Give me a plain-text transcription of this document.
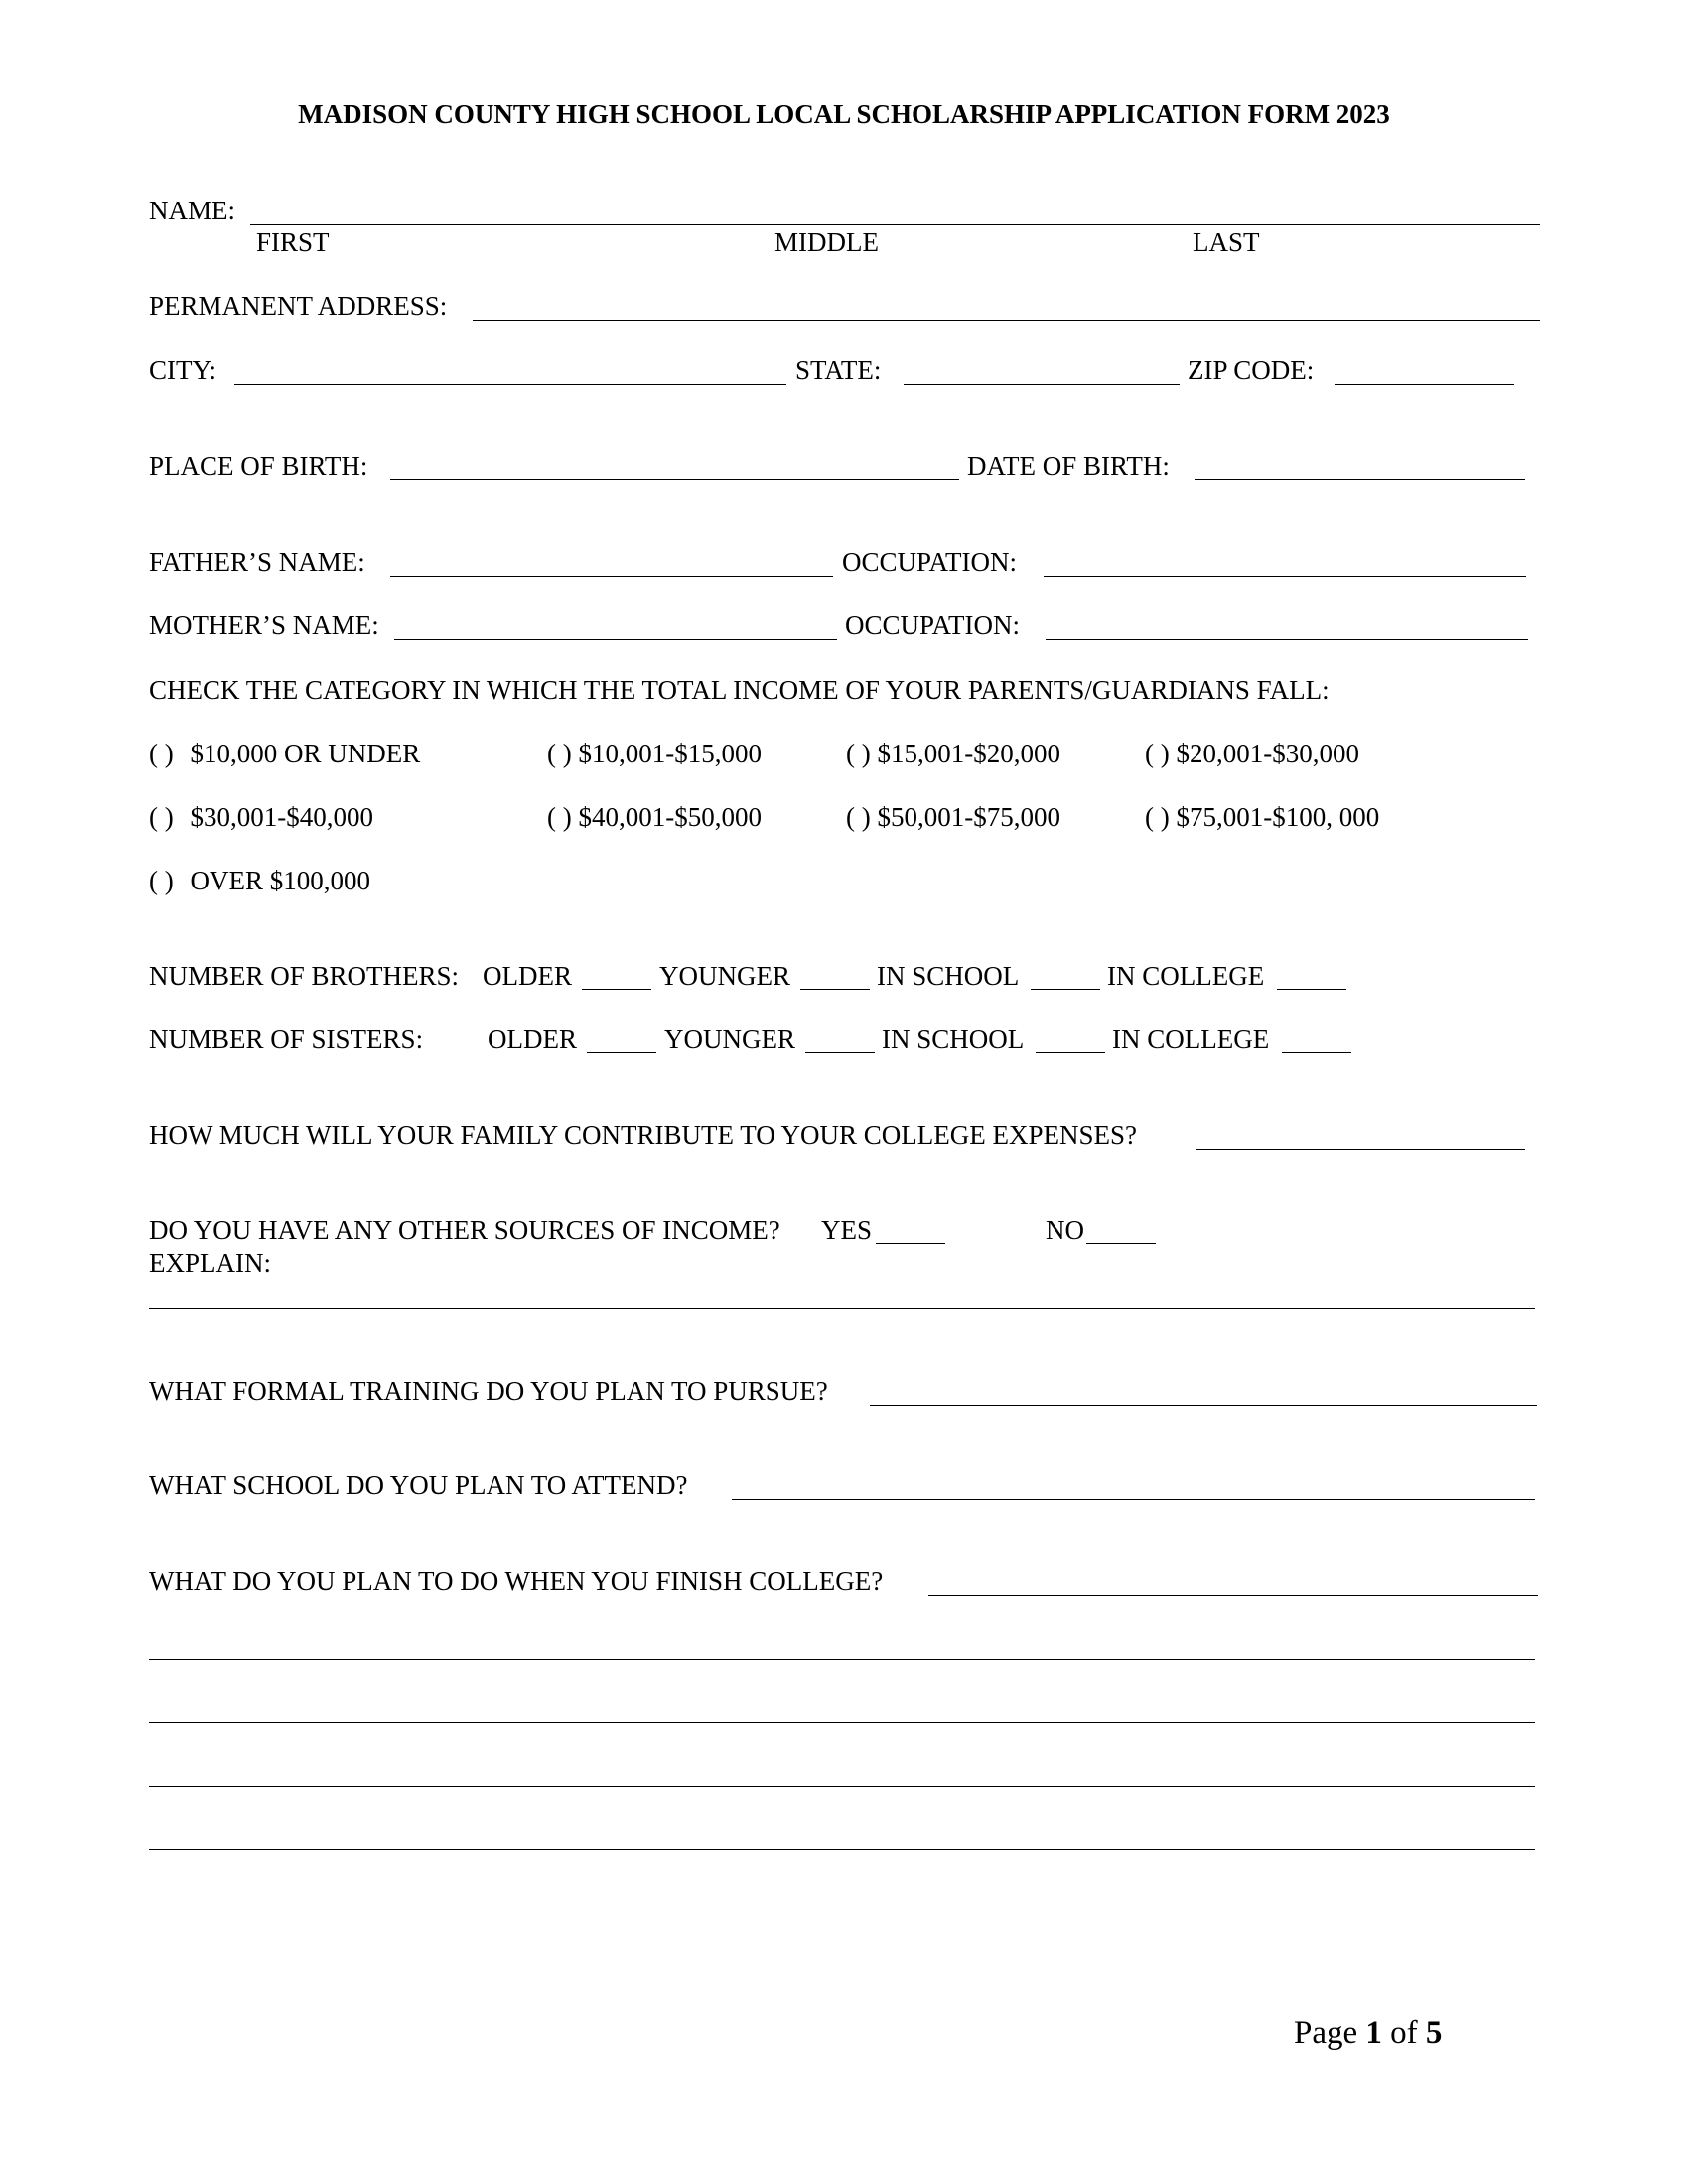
MADISON COUNTY HIGH SCHOOL LOCAL SCHOLARSHIP APPLICATION FORM 2023
NAME:
FIRST	MIDDLE	LAST
PERMANENT ADDRESS:
CITY:	STATE:	ZIP CODE:
PLACE OF BIRTH:	DATE OF BIRTH:
FATHER’S NAME:	OCCUPATION:
MOTHER’S NAME:	OCCUPATION:
CHECK THE CATEGORY IN WHICH THE TOTAL INCOME OF YOUR PARENTS/GUARDIANS FALL:
( ) $10,000 OR UNDER	( ) $10,001-$15,000	( ) $15,001-$20,000	( ) $20,001-$30,000
( ) $30,001-$40,000	( ) $40,001-$50,000	( ) $50,001-$75,000	( ) $75,001-$100, 000
( ) OVER $100,000
NUMBER OF BROTHERS: OLDER	YOUNGER	IN SCHOOL	IN COLLEGE
NUMBER OF SISTERS: OLDER	YOUNGER	IN SCHOOL	IN COLLEGE
HOW MUCH WILL YOUR FAMILY CONTRIBUTE TO YOUR COLLEGE EXPENSES?
DO YOU HAVE ANY OTHER SOURCES OF INCOME? YES	NO
EXPLAIN:
WHAT FORMAL TRAINING DO YOU PLAN TO PURSUE?
WHAT SCHOOL DO YOU PLAN TO ATTEND?
WHAT DO YOU PLAN TO DO WHEN YOU FINISH COLLEGE?
Page 1 of 5
